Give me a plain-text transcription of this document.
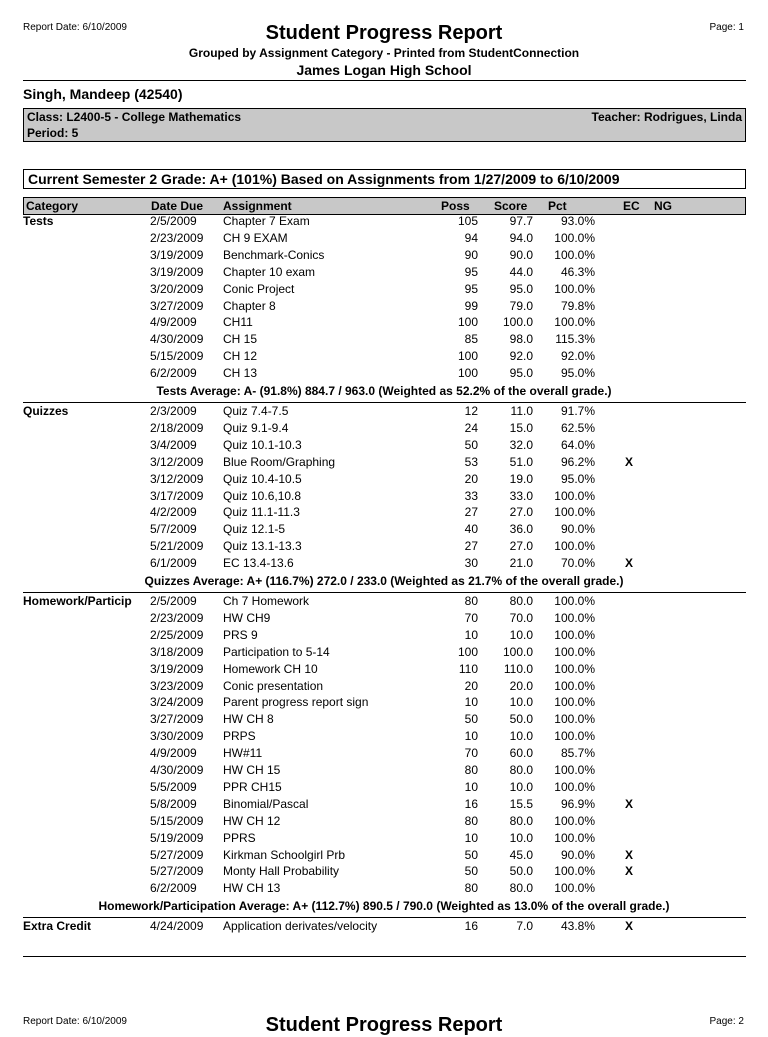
Report Date: 6/10/2009	Page: 1
Student Progress Report
Grouped by Assignment Category - Printed from StudentConnection
James Logan High School
Singh, Mandeep (42540)
Class: L2400-5 - College Mathematics
Period: 5
Teacher: Rodrigues, Linda
Current Semester 2 Grade: A+ (101%) Based on Assignments from 1/27/2009 to 6/10/2009
Category	Date Due Assignment	Poss Score Pct	EC NG
Tests	2/5/2009 Chapter 7 Exam	105	97.7 93.0%
2/23/2009 CH 9 EXAM	94	94.0 100.0%
3/19/2009 Benchmark-Conics	90	90.0 100.0%
3/19/2009 Chapter 10 exam	95	44.0 46.3%
3/20/2009 Conic Project	95	95.0 100.0%
3/27/2009 Chapter 8	99	79.0 79.8%
4/9/2009 CH11	100 100.0 100.0%
4/30/2009 CH 15	85	98.0 115.3%
5/15/2009 CH 12	100	92.0 92.0%
6/2/2009 CH 13	100	95.0 95.0%
Tests Average: A- (91.8%) 884.7 / 963.0 (Weighted as 52.2% of the overall grade.)
Quizzes	2/3/2009 Quiz 7.4-7.5	12	11.0 91.7%
2/18/2009 Quiz 9.1-9.4	24	15.0 62.5%
3/4/2009 Quiz 10.1-10.3	50	32.0 64.0%
3/12/2009 Blue Room/Graphing	53	51.0 96.2%	X
3/12/2009 Quiz 10.4-10.5	20	19.0 95.0%
3/17/2009 Quiz 10.6,10.8	33	33.0 100.0%
4/2/2009 Quiz 11.1-11.3	27	27.0 100.0%
5/7/2009 Quiz 12.1-5	40	36.0 90.0%
5/21/2009 Quiz 13.1-13.3	27	27.0 100.0%
6/1/2009 EC 13.4-13.6	30	21.0 70.0%	X
Quizzes Average: A+ (116.7%) 272.0 / 233.0 (Weighted as 21.7% of the overall grade.)
Homework/Particip 2/5/2009 Ch 7 Homework	80	80.0 100.0%
2/23/2009 HW CH9	70	70.0 100.0%
2/25/2009 PRS 9	10	10.0 100.0%
3/18/2009 Participation to 5-14	100 100.0 100.0%
3/19/2009 Homework CH 10	110 110.0 100.0%
3/23/2009 Conic presentation	20	20.0 100.0%
3/24/2009 Parent progress report sign	10	10.0 100.0%
3/27/2009 HW CH 8	50	50.0 100.0%
3/30/2009 PRPS	10	10.0 100.0%
4/9/2009 HW#11	70	60.0 85.7%
4/30/2009 HW CH 15	80	80.0 100.0%
5/5/2009 PPR CH15	10	10.0 100.0%
5/8/2009 Binomial/Pascal	16	15.5 96.9%	X
5/15/2009 HW CH 12	80	80.0 100.0%
5/19/2009 PPRS	10	10.0 100.0%
5/27/2009 Kirkman Schoolgirl Prb	50	45.0 90.0%	X
5/27/2009 Monty Hall Probability	50	50.0 100.0%	X
6/2/2009 HW CH 13	80	80.0 100.0%
Homework/Participation Average: A+ (112.7%) 890.5 / 790.0 (Weighted as 13.0% of the overall grade.)
Extra Credit	4/24/2009 Application derivates/velocity	16	7.0 43.8%	X
Report Date: 6/10/2009	Page: 2
Student Progress Report
